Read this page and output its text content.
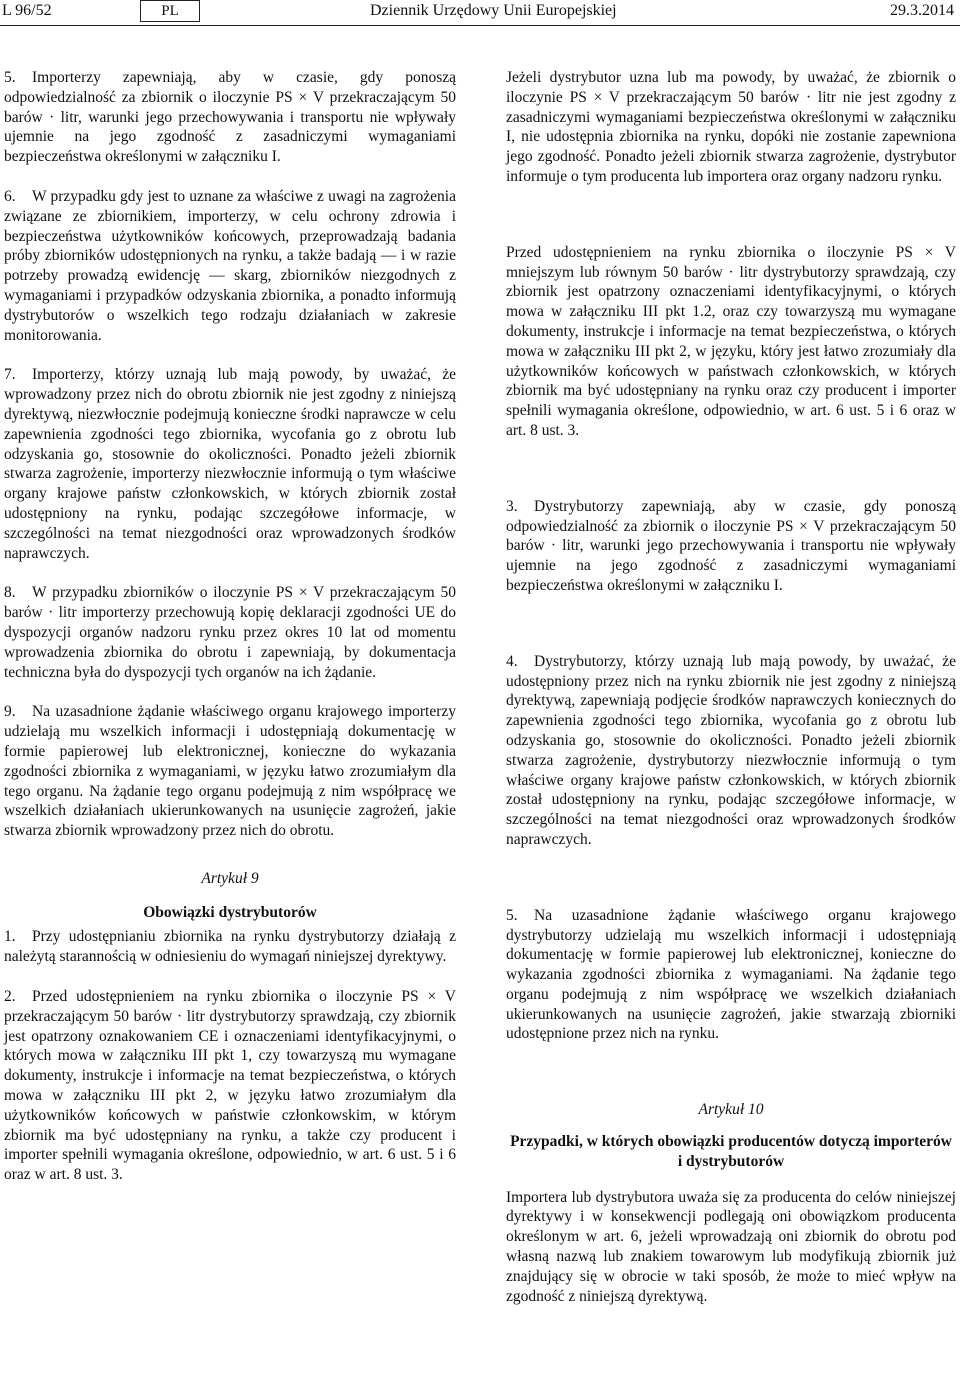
L 96/52	PL	Dziennik Urzędowy Unii Europejskiej	29.3.2014

5. Importerzy zapewniają, aby w czasie, gdy ponoszą odpowiedzialność za zbiornik o iloczynie PS × V przekraczającym 50 barów · litr, warunki jego przechowywania i transportu nie wpływały ujemnie na jego zgodność z zasadniczymi wymaganiami bezpieczeństwa określonymi w załączniku I.

6. W przypadku gdy jest to uznane za właściwe z uwagi na zagrożenia związane ze zbiornikiem, importerzy, w celu ochrony zdrowia i bezpieczeństwa użytkowników końcowych, przeprowadzają badania próby zbiorników udostępnionych na rynku, a także badają — i w razie potrzeby prowadzą ewidencję — skarg, zbiorników niezgodnych z wymaganiami i przypadków odzyskania zbiornika, a ponadto informują dystrybutorów o wszelkich tego rodzaju działaniach w zakresie monitorowania.

7. Importerzy, którzy uznają lub mają powody, by uważać, że wprowadzony przez nich do obrotu zbiornik nie jest zgodny z niniejszą dyrektywą, niezwłocznie podejmują konieczne środki naprawcze w celu zapewnienia zgodności tego zbiornika, wycofania go z obrotu lub odzyskania go, stosownie do okoliczności. Ponadto jeżeli zbiornik stwarza zagrożenie, importerzy niezwłocznie informują o tym właściwe organy krajowe państw członkowskich, w których zbiornik został udostępniony na rynku, podając szczegółowe informacje, w szczególności na temat niezgodności oraz wprowadzonych środków naprawczych.

8. W przypadku zbiorników o iloczynie PS × V przekraczającym 50 barów · litr importerzy przechowują kopię deklaracji zgodności UE do dyspozycji organów nadzoru rynku przez okres 10 lat od momentu wprowadzenia zbiornika do obrotu i zapewniają, by dokumentacja techniczna była do dyspozycji tych organów na ich żądanie.

9. Na uzasadnione żądanie właściwego organu krajowego importerzy udzielają mu wszelkich informacji i udostępniają dokumentację w formie papierowej lub elektronicznej, konieczne do wykazania zgodności zbiornika z wymaganiami, w języku łatwo zrozumiałym dla tego organu. Na żądanie tego organu podejmują z nim współpracę we wszelkich działaniach ukierunkowanych na usunięcie zagrożeń, jakie stwarza zbiornik wprowadzony przez nich do obrotu.

Artykuł 9

Obowiązki dystrybutorów

1. Przy udostępnianiu zbiornika na rynku dystrybutorzy działają z należytą starannością w odniesieniu do wymagań niniejszej dyrektywy.

2. Przed udostępnieniem na rynku zbiornika o iloczynie PS × V przekraczającym 50 barów · litr dystrybutorzy sprawdzają, czy zbiornik jest opatrzony oznakowaniem CE i oznaczeniami identyfikacyjnymi, o których mowa w załączniku III pkt 1, czy towarzyszą mu wymagane dokumenty, instrukcje i informacje na temat bezpieczeństwa, o których mowa w załączniku III pkt 2, w języku łatwo zrozumiałym dla użytkowników końcowych w państwie członkowskim, w którym zbiornik ma być udostępniany na rynku, a także czy producent i importer spełnili wymagania określone, odpowiednio, w art. 6 ust. 5 i 6 oraz w art. 8 ust. 3.

Jeżeli dystrybutor uzna lub ma powody, by uważać, że zbiornik o iloczynie PS × V przekraczającym 50 barów · litr nie jest zgodny z zasadniczymi wymaganiami bezpieczeństwa określonymi w załączniku I, nie udostępnia zbiornika na rynku, dopóki nie zostanie zapewniona jego zgodność. Ponadto jeżeli zbiornik stwarza zagrożenie, dystrybutor informuje o tym producenta lub importera oraz organy nadzoru rynku.

Przed udostępnieniem na rynku zbiornika o iloczynie PS × V mniejszym lub równym 50 barów · litr dystrybutorzy sprawdzają, czy zbiornik jest opatrzony oznaczeniami identyfikacyjnymi, o których mowa w załączniku III pkt 1.2, oraz czy towarzyszą mu wymagane dokumenty, instrukcje i informacje na temat bezpieczeństwa, o których mowa w załączniku III pkt 2, w języku, który jest łatwo zrozumiały dla użytkowników końcowych w państwach członkowskich, w których zbiornik ma być udostępniany na rynku oraz czy producent i importer spełnili wymagania określone, odpowiednio, w art. 6 ust. 5 i 6 oraz w art. 8 ust. 3.

3. Dystrybutorzy zapewniają, aby w czasie, gdy ponoszą odpowiedzialność za zbiornik o iloczynie PS × V przekraczającym 50 barów · litr, warunki jego przechowywania i transportu nie wpływały ujemnie na jego zgodność z zasadniczymi wymaganiami bezpieczeństwa określonymi w załączniku I.

4. Dystrybutorzy, którzy uznają lub mają powody, by uważać, że udostępniony przez nich na rynku zbiornik nie jest zgodny z niniejszą dyrektywą, zapewniają podjęcie środków naprawczych koniecznych do zapewnienia zgodności tego zbiornika, wycofania go z obrotu lub odzyskania go, stosownie do okoliczności. Ponadto jeżeli zbiornik stwarza zagrożenie, dystrybutorzy niezwłocznie informują o tym właściwe organy krajowe państw członkowskich, w których zbiornik został udostępniony na rynku, podając szczegółowe informacje, w szczególności na temat niezgodności oraz wprowadzonych środków naprawczych.

5. Na uzasadnione żądanie właściwego organu krajowego dystrybutorzy udzielają mu wszelkich informacji i udostępniają dokumentację w formie papierowej lub elektronicznej, konieczne do wykazania zgodności zbiornika z wymaganiami. Na żądanie tego organu podejmują z nim współpracę we wszelkich działaniach ukierunkowanych na usunięcie zagrożeń, jakie stwarzają zbiorniki udostępnione przez nich na rynku.

Artykuł 10

Przypadki, w których obowiązki producentów dotyczą importerów i dystrybutorów

Importera lub dystrybutora uważa się za producenta do celów niniejszej dyrektywy i w konsekwencji podlegają oni obowiązkom producenta określonym w art. 6, jeżeli wprowadzają oni zbiornik do obrotu pod własną nazwą lub znakiem towarowym lub modyfikują zbiornik już znajdujący się w obrocie w taki sposób, że może to mieć wpływ na zgodność z niniejszą dyrektywą.
